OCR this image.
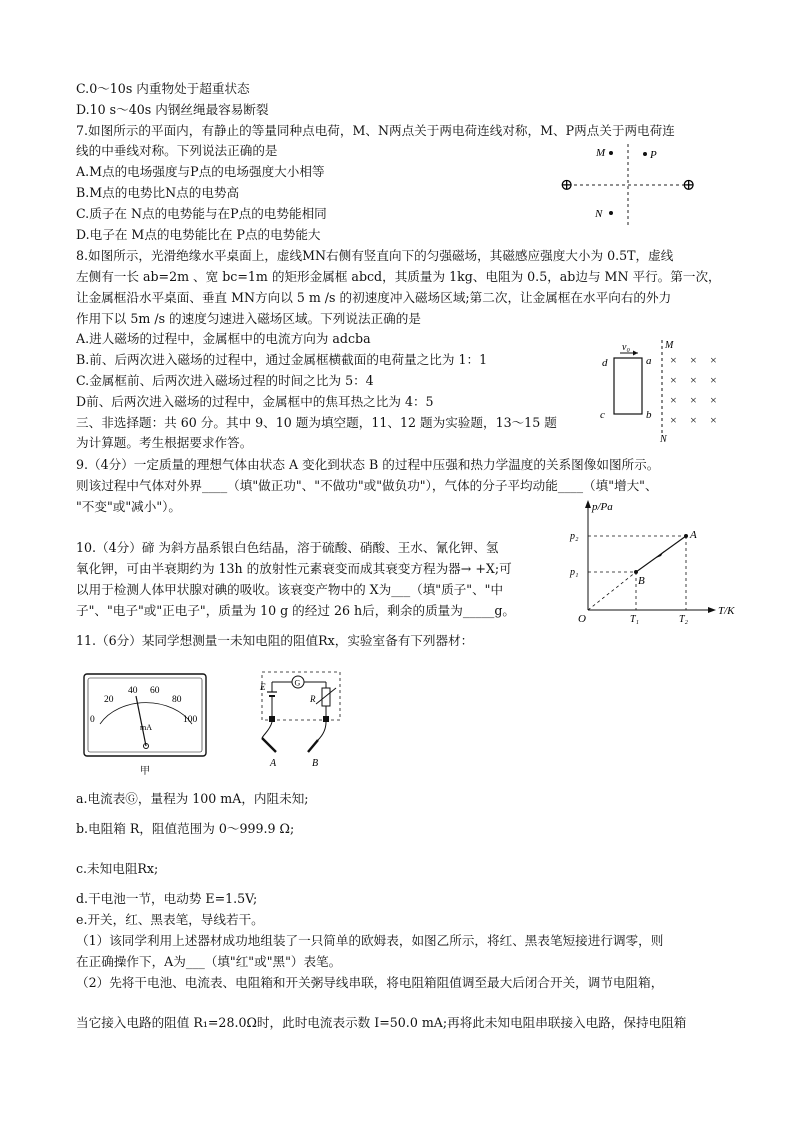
C.0～10s 内重物处于超重状态
D.10 s～40s 内钢丝绳最容易断裂
7.如图所示的平面内，有静止的等量同种点电荷，M、N两点关于两电荷连线对称，M、P两点关于两电荷连
线的中垂线对称。下列说法正确的是
A.M点的电场强度与P点的电场强度大小相等
B.M点的电势比N点的电势高
C.质子在 N点的电势能与在P点的电势能相同
D.电子在 M点的电势能比在 P点的电势能大
8.如图所示，光滑绝缘水平桌面上，虚线MN右侧有竖直向下的匀强磁场，其磁感应强度大小为 0.5T，虚线
左侧有一长 ab=2m 、宽 bc=1m 的矩形金属框 abcd，其质量为 1kg、电阻为 0.5，ab边与 MN 平行。第一次，
让金属框沿水平桌面、垂直 MN方向以 5 m /s 的初速度冲入磁场区域;第二次，让金属框在水平向右的外力
作用下以 5m /s 的速度匀速进入磁场区域。下列说法正确的是
A.进人磁场的过程中，金属框中的电流方向为 adcba
B.前、后两次进入磁场的过程中，通过金属框横截面的电荷量之比为 1：1
C.金属框前、后两次进入磁场过程的时间之比为 5：4
D前、后两次进入磁场的过程中，金属框中的焦耳热之比为 4：5
三、非选择题：共 60 分。其中 9、10 题为填空题，11、12 题为实验题，13～15 题
为计算题。考生根据要求作答。
9.（4分）一定质量的理想气体由状态 A 变化到状态 B 的过程中压强和热力学温度的关系图像如图所示。
则该过程中气体对外界____（填"做正功"、"不做功"或"做负功"），气体的分子平均动能____（填"增大"、
"不变"或"减小"）。
10.（4分）碲 为斜方晶系银白色结晶，溶于硫酸、硝酸、王水、氰化钾、氢
氧化钾，可由半衰期约为 13h 的放射性元素衰变而成其衰变方程为器→ +X;可
以用于检测人体甲状腺对碘的吸收。该衰变产物中的 X为___（填"质子"、"中
子"、"电子"或"正电子"，质量为 10 g 的经过 26 h后，剩余的质量为_____g。
11.（6分）某同学想测量一未知电阻的阻值Rx，实验室备有下列器材：
a.电流表Ⓖ，量程为 100 mA，内阻未知;
b.电阻箱 R，阻值范围为 0～999.9 Ω;
c.未知电阻Rx;
d.干电池一节，电动势 E=1.5V;
e.开关，红、黑表笔，导线若干。
（1）该同学利用上述器材成功地组装了一只简单的欧姆表，如图乙所示，将红、黑表笔短接进行调零，则
在正确操作下，A为___（填"红"或"黑"）表笔。
（2）先将干电池、电流表、电阻箱和开关粥导线串联，将电阻箱阻值调至最大后闭合开关，调节电阻箱，
当它接入电路的阻值 R₁=28.0Ω时，此时电流表示数 I=50.0 mA;再将此未知电阻串联接入电路，保持电阻箱
⊕	⊕
M	P
N
v₀
d	a
c	b
M
N
× × ×
× × ×
× × ×
× × ×
p/Pa
T/K
O
A
B
p₂
p₁
T₁	T₂
0
20
40 60
80
100
mA
甲
G
R
E
A	B
